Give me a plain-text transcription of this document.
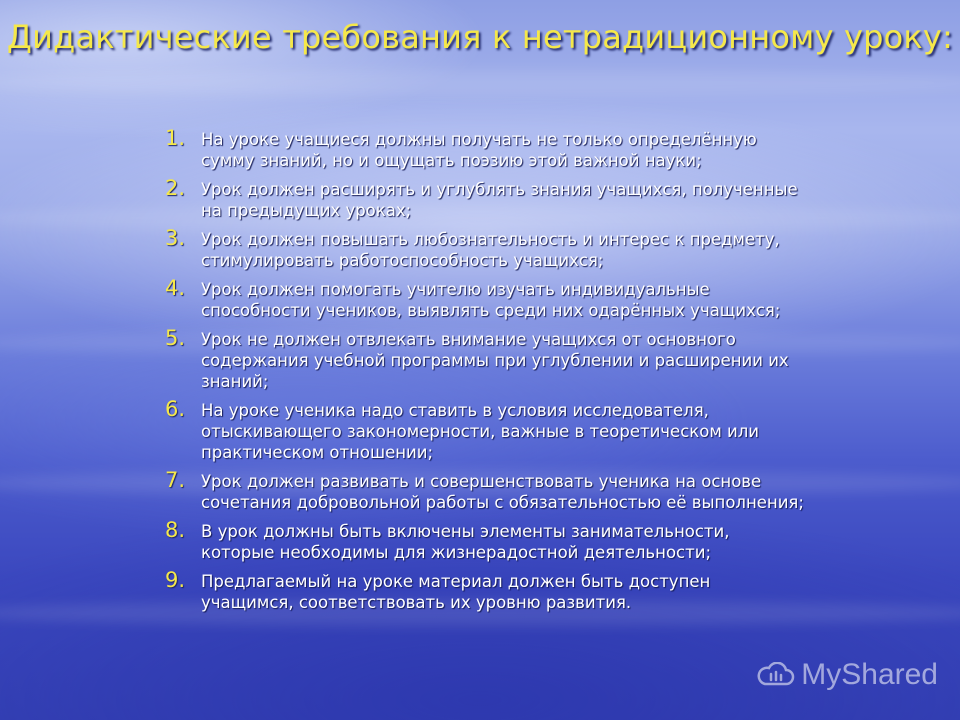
Дидактические требования к нетрадиционному уроку:
1. На уроке учащиеся должны получать не только определённую сумму знаний, но и ощущать поэзию этой важной науки;
2. Урок должен расширять и углублять знания учащихся, полученные на предыдущих уроках;
3. Урок должен повышать любознательность и интерес к предмету, стимулировать работоспособность учащихся;
4. Урок должен помогать учителю изучать индивидуальные способности учеников, выявлять среди них одарённых учащихся;
5. Урок не должен отвлекать внимание учащихся от основного содержания учебной программы при углублении и расширении их знаний;
6. На уроке ученика надо ставить в условия исследователя, отыскивающего закономерности, важные в теоретическом или практическом отношении;
7. Урок должен развивать и совершенствовать ученика на основе сочетания добровольной работы с обязательностью её выполнения;
8. В урок должны быть включены элементы занимательности, которые необходимы для жизнерадостной деятельности;
9. Предлагаемый на уроке материал должен быть доступен учащимся, соответствовать их уровню развития.
MyShared
